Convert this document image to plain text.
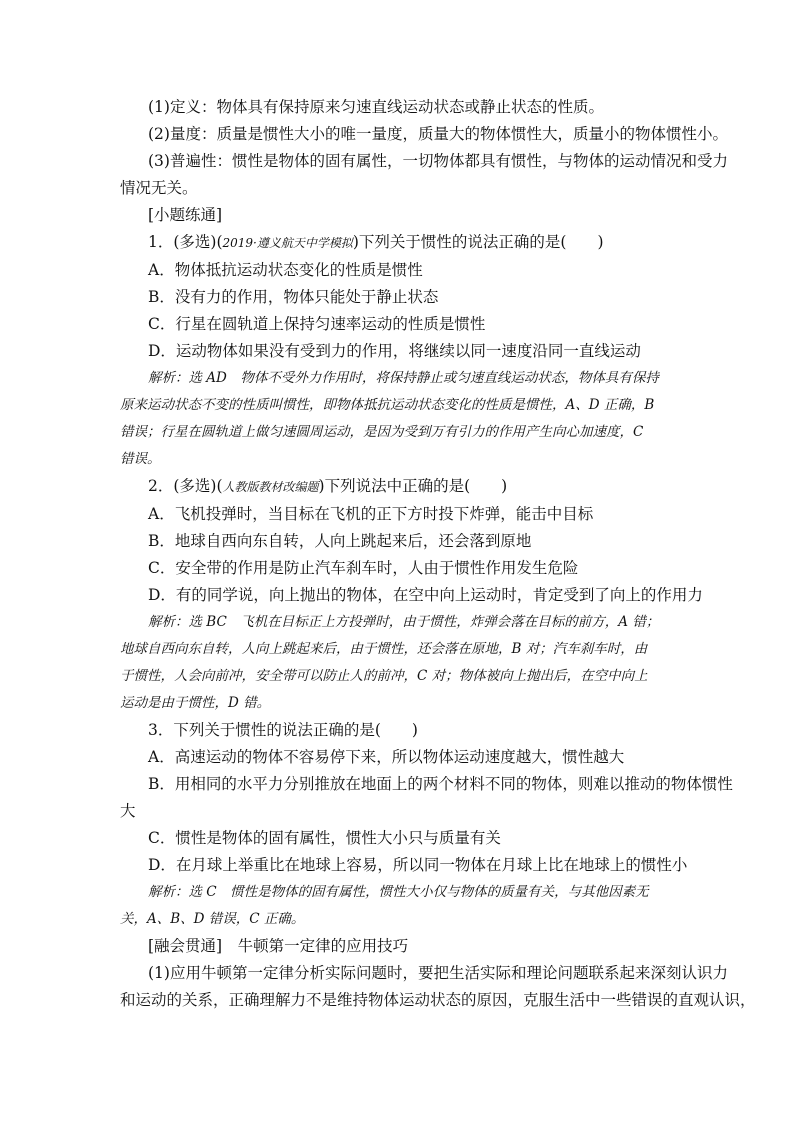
(1)定义：物体具有保持原来匀速直线运动状态或静止状态的性质。
(2)量度：质量是惯性大小的唯一量度，质量大的物体惯性大，质量小的物体惯性小。
(3)普遍性：惯性是物体的固有属性，一切物体都具有惯性，与物体的运动情况和受力
情况无关。
[小题练通]
1．(多选)(2019·遵义航天中学模拟)下列关于惯性的说法正确的是(　　)
A．物体抵抗运动状态变化的性质是惯性
B．没有力的作用，物体只能处于静止状态
C．行星在圆轨道上保持匀速率运动的性质是惯性
D．运动物体如果没有受到力的作用，将继续以同一速度沿同一直线运动
解析：选 AD　物体不受外力作用时，将保持静止或匀速直线运动状态，物体具有保持
原来运动状态不变的性质叫惯性，即物体抵抗运动状态变化的性质是惯性，A、D 正确，B
错误；行星在圆轨道上做匀速圆周运动，是因为受到万有引力的作用产生向心加速度，C
错误。
2．(多选)(人教版教材改编题)下列说法中正确的是(　　)
A．飞机投弹时，当目标在飞机的正下方时投下炸弹，能击中目标
B．地球自西向东自转，人向上跳起来后，还会落到原地
C．安全带的作用是防止汽车刹车时，人由于惯性作用发生危险
D．有的同学说，向上抛出的物体，在空中向上运动时，肯定受到了向上的作用力
解析：选 BC　飞机在目标正上方投弹时，由于惯性，炸弹会落在目标的前方，A 错；
地球自西向东自转，人向上跳起来后，由于惯性，还会落在原地，B 对；汽车刹车时，由
于惯性，人会向前冲，安全带可以防止人的前冲，C 对；物体被向上抛出后，在空中向上
运动是由于惯性，D 错。
3．下列关于惯性的说法正确的是(　　)
A．高速运动的物体不容易停下来，所以物体运动速度越大，惯性越大
B．用相同的水平力分别推放在地面上的两个材料不同的物体，则难以推动的物体惯性
大
C．惯性是物体的固有属性，惯性大小只与质量有关
D．在月球上举重比在地球上容易，所以同一物体在月球上比在地球上的惯性小
解析：选 C　惯性是物体的固有属性，惯性大小仅与物体的质量有关，与其他因素无
关，A、B、D 错误，C 正确。
[融会贯通]　牛顿第一定律的应用技巧
(1)应用牛顿第一定律分析实际问题时，要把生活实际和理论问题联系起来深刻认识力
和运动的关系，正确理解力不是维持物体运动状态的原因，克服生活中一些错误的直观认识，
